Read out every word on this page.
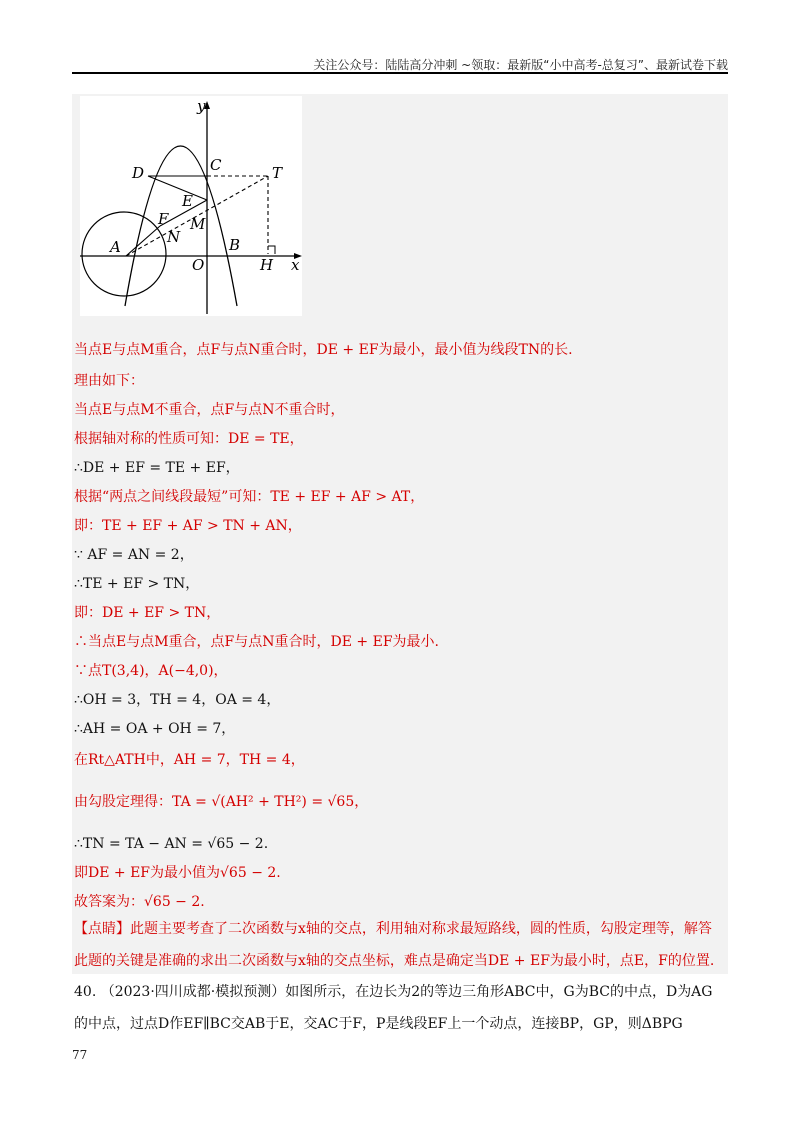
关注公众号：陆陆高分冲刺 ~领取：最新版“小中高考-总复习”、最新试卷下载
y
x
O
C
D	T
E
F M
N
A	B
H
当点E与点M重合，点F与点N重合时，DE + EF为最小，最小值为线段TN的长.
理由如下：
当点E与点M不重合，点F与点N不重合时，
根据轴对称的性质可知：DE = TE，
∴DE + EF = TE + EF，
根据“两点之间线段最短”可知：TE + EF + AF > AT，
即：TE + EF + AF > TN + AN，
∵ AF = AN = 2，
∴TE + EF > TN，
即：DE + EF > TN，
∴当点E与点M重合，点F与点N重合时，DE + EF为最小.
∵点T(3,4)，A(−4,0)，
∴OH = 3，TH = 4，OA = 4，
∴AH = OA + OH = 7，
在Rt△ATH中，AH = 7，TH = 4，
由勾股定理得：TA = √(AH² + TH²) = √65，
∴TN = TA − AN = √65 − 2.
即DE + EF为最小值为√65 − 2.
故答案为：√65 − 2.
【点睛】此题主要考查了二次函数与x轴的交点，利用轴对称求最短路线，圆的性质，勾股定理等，解答
此题的关键是准确的求出二次函数与x轴的交点坐标，难点是确定当DE + EF为最小时，点E，F的位置.
40. （2023·四川成都·模拟预测）如图所示，在边长为2的等边三角形ABC中，G为BC的中点，D为AG
的中点，过点D作EF∥BC交AB于E，交AC于F，P是线段EF上一个动点，连接BP，GP，则ΔBPG
77
